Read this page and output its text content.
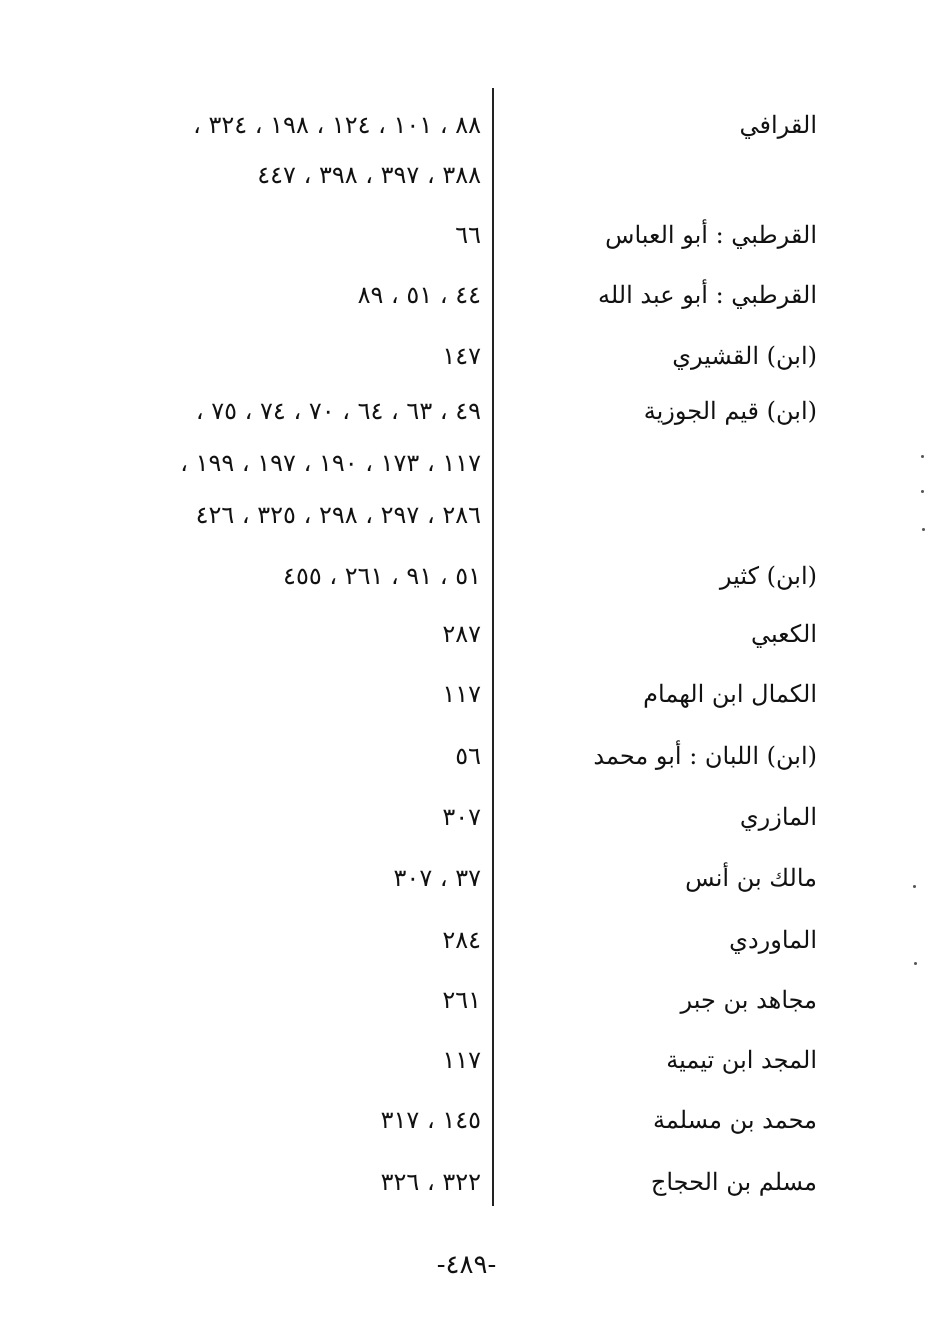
القرافي
٨٨ ، ١٠١ ، ١٢٤ ، ١٩٨ ، ٣٢٤ ،
٣٨٨ ، ٣٩٧ ، ٣٩٨ ، ٤٤٧
القرطبي : أبو العباس
٦٦
القرطبي : أبو عبد الله
٤٤ ، ٥١ ، ٨٩
(ابن) القشيري
١٤٧
(ابن) قيم الجوزية
٤٩ ، ٦٣ ، ٦٤ ، ٧٠ ، ٧٤ ، ٧٥ ،
١١٧ ، ١٧٣ ، ١٩٠ ، ١٩٧ ، ١٩٩ ،
٢٨٦ ، ٢٩٧ ، ٢٩٨ ، ٣٢٥ ، ٤٢٦
(ابن) كثير
٥١ ، ٩١ ، ٢٦١ ، ٤٥٥
الكعبي
٢٨٧
الكمال ابن الهمام
١١٧
(ابن) اللبان : أبو محمد
٥٦
المازري
٣٠٧
مالك بن أنس
٣٧ ، ٣٠٧
الماوردي
٢٨٤
مجاهد بن جبر
٢٦١
المجد ابن تيمية
١١٧
محمد بن مسلمة
١٤٥ ، ٣١٧
مسلم بن الحجاج
٣٢٢ ، ٣٢٦
-٤٨٩-
